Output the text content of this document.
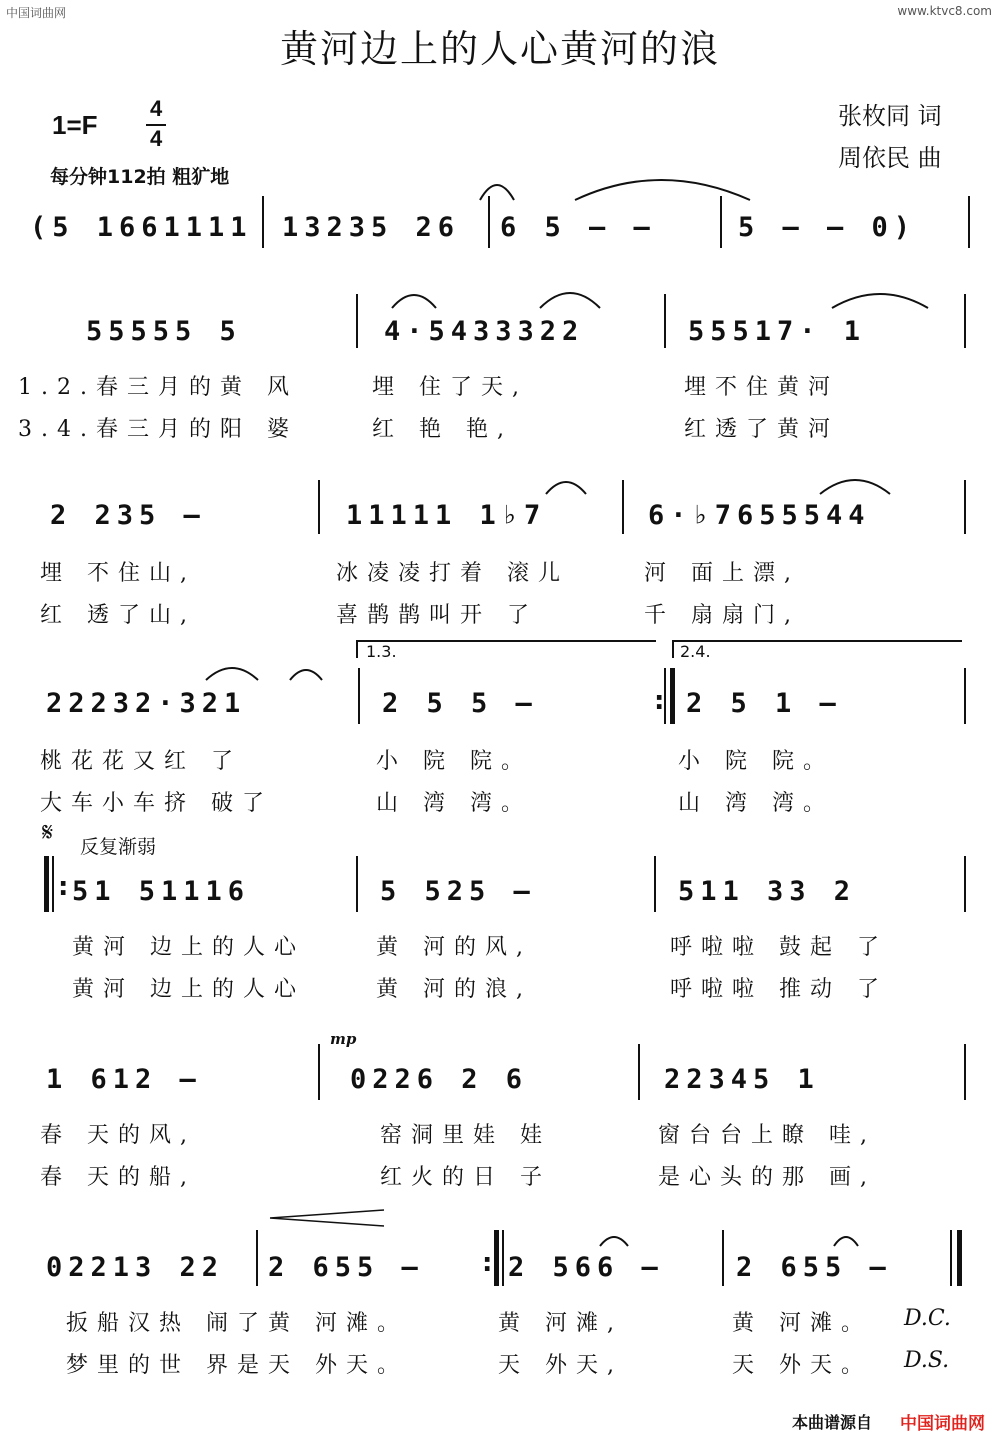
中国词曲网	www.ktvc8.com
黄河边上的人心黄河的浪
张枚同 词
周依民 曲
1=F
4
4
每分钟112拍 粗犷地
(5 1661111 13235 26 6 5 – –	5 – – 0)
55555 5	4·5433322	55517· 1
1.2.春三月的黄 风	埋 住了天,	埋不住黄河
3.4.春三月的阳 婆	红 艳 艳,	红透了黄河
2 235 –	11111 1♭7	6·♭7655544
埋 不住山,	冰凌凌打着 滚儿	河 面上漂,
红 透了山,	喜鹊鹊叫开 了	千 扇扇门,
1.3.	2.4.
22232·321	2 5 5 –	: 2 5 1 –
桃花花又红 了	小 院 院。	小 院 院。
大车小车挤 破了	山 湾 湾。	山 湾 湾。
𝄋 反复渐弱
: 51 51116	5 525 –	511 33 2
黄河 边上的人心	黄 河的风,	呼啦啦 鼓起 了
黄河 边上的人心	黄 河的浪,	呼啦啦 推动 了
mp
1 612 –	0226 2 6	22345 1
春 天的风,	窑洞里娃 娃	窗台台上瞭 哇,
春 天的船,	红火的日 子	是心头的那 画,
02213 22 2 655 – : 2 566 –	2 655 –
扳船汉热 闹了 黄 河滩。	黄 河滩,	黄 河滩。 D.C.
梦里的世 界是 天 外天。	天 外天,	天 外天。 D.S.
本曲谱源自 中国词曲网
